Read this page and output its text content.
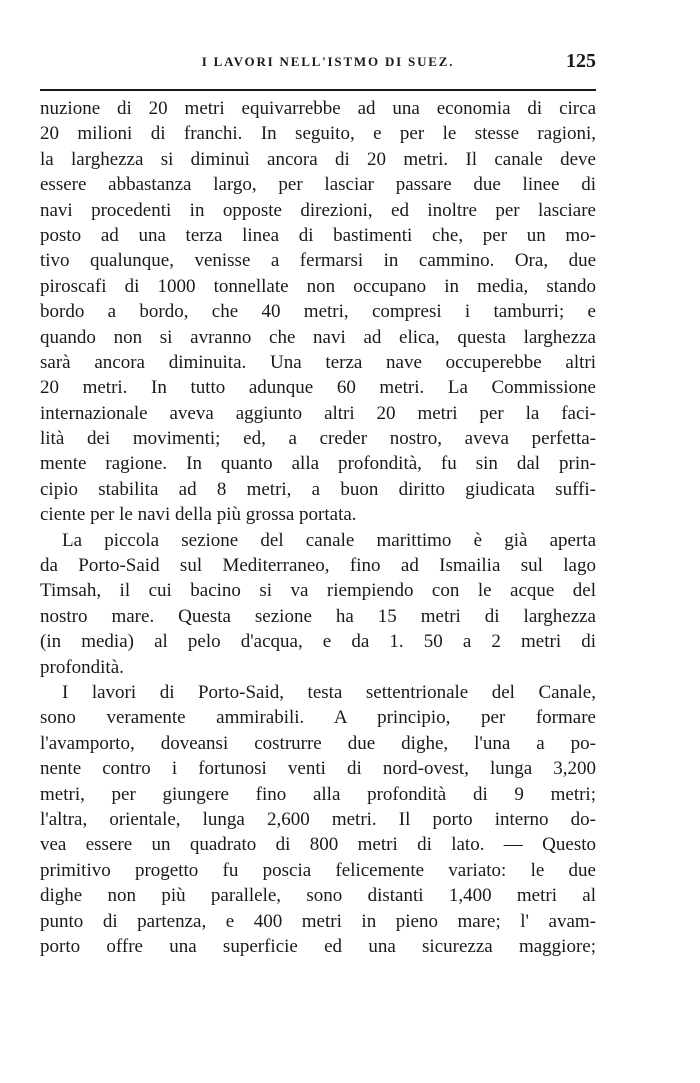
I LAVORI NELL'ISTMO DI SUEZ.	125
nuzione di 20 metri equivarrebbe ad una economia di circa
20 milioni di franchi. In seguito, e per le stesse ragioni,
la larghezza si diminuì ancora di 20 metri. Il canale deve
essere abbastanza largo, per lasciar passare due linee di
navi procedenti in opposte direzioni, ed inoltre per lasciare
posto ad una terza linea di bastimenti che, per un mo-
tivo qualunque, venisse a fermarsi in cammino. Ora, due
piroscafi di 1000 tonnellate non occupano in media, stando
bordo a bordo, che 40 metri, compresi i tamburri; e
quando non si avranno che navi ad elica, questa larghezza
sarà ancora diminuita. Una terza nave occuperebbe altri
20 metri. In tutto adunque 60 metri. La Commissione
internazionale aveva aggiunto altri 20 metri per la faci-
lità dei movimenti; ed, a creder nostro, aveva perfetta-
mente ragione. In quanto alla profondità, fu sin dal prin-
cipio stabilita ad 8 metri, a buon diritto giudicata suffi-
ciente per le navi della più grossa portata.
La piccola sezione del canale marittimo è già aperta
da Porto-Said sul Mediterraneo, fino ad Ismailia sul lago
Timsah, il cui bacino si va riempiendo con le acque del
nostro mare. Questa sezione ha 15 metri di larghezza
(in media) al pelo d'acqua, e da 1. 50 a 2 metri di
profondità.
I lavori di Porto-Said, testa settentrionale del Canale,
sono veramente ammirabili. A principio, per formare
l'avamporto, doveansi costrurre due dighe, l'una a po-
nente contro i fortunosi venti di nord-ovest, lunga 3,200
metri, per giungere fino alla profondità di 9 metri;
l'altra, orientale, lunga 2,600 metri. Il porto interno do-
vea essere un quadrato di 800 metri di lato. — Questo
primitivo progetto fu poscia felicemente variato: le due
dighe non più parallele, sono distanti 1,400 metri al
punto di partenza, e 400 metri in pieno mare; l' avam-
porto offre una superficie ed una sicurezza maggiore;
